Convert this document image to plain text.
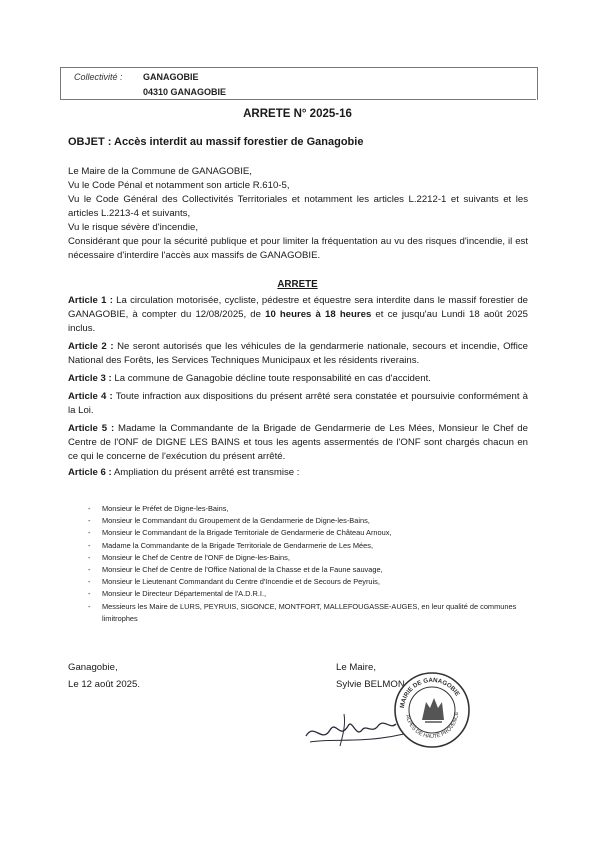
Collectivité : GANAGOBIE
04310 GANAGOBIE
ARRETE N° 2025-16
OBJET : Accès interdit au massif forestier de Ganagobie

Le Maire de la Commune de GANAGOBIE,

Vu le Code Pénal et notamment son article R.610-5,

Vu le Code Général des Collectivités Territoriales et notamment les articles L.2212-1 et suivants et les articles L.2213-4 et suivants,

Vu le risque sévère d'incendie,

Considérant que pour la sécurité publique et pour limiter la fréquentation au vu des risques d'incendie, il est nécessaire d'interdire l'accès aux massifs de GANAGOBIE.

ARRETE

Article 1 : La circulation motorisée, cycliste, pédestre et équestre sera interdite dans le massif forestier de GANAGOBIE, à compter du 12/08/2025, de 10 heures à 18 heures et ce jusqu'au Lundi 18 août 2025 inclus.

Article 2 : Ne seront autorisés que les véhicules de la gendarmerie nationale, secours et incendie, Office National des Forêts, les Services Techniques Municipaux et les résidents riverains.

Article 3 : La commune de Ganagobie décline toute responsabilité en cas d'accident.

Article 4 : Toute infraction aux dispositions du présent arrêté sera constatée et poursuivie conformément à la Loi.

Article 5 : Madame la Commandante de la Brigade de Gendarmerie de Les Mées, Monsieur le Chef de Centre de l'ONF de DIGNE LES BAINS et tous les agents assermentés de l'ONF sont chargés chacun en ce qui le concerne de l'exécution du présent arrêté.

Article 6 : Ampliation du présent arrêté est transmise :

- Monsieur le Préfet de Digne-les-Bains,
- Monsieur le Commandant du Groupement de la Gendarmerie de Digne-les-Bains,
- Monsieur le Commandant de la Brigade Territoriale de Gendarmerie de Château Arnoux,
- Madame la Commandante de la Brigade Territoriale de Gendarmerie de Les Mées,
- Monsieur le Chef de Centre de l'ONF de Digne-les-Bains,
- Monsieur le Chef de Centre de l'Office National de la Chasse et de la Faune sauvage,
- Monsieur le Lieutenant Commandant du Centre d'Incendie et de Secours de Peyruis,
- Monsieur le Directeur Départemental de l'A.D.R.I.,
- Messieurs les Maire de LURS, PEYRUIS, SIGONCE, MONTFORT, MALLEFOUGASSE-AUGES, en leur qualité de communes limitrophes
Ganagobie,
Le 12 août 2025.
Le Maire,
Sylvie BELMON
MAIRIE DE GANAGOBIE
ALPES DE HAUTE PROVENCE
